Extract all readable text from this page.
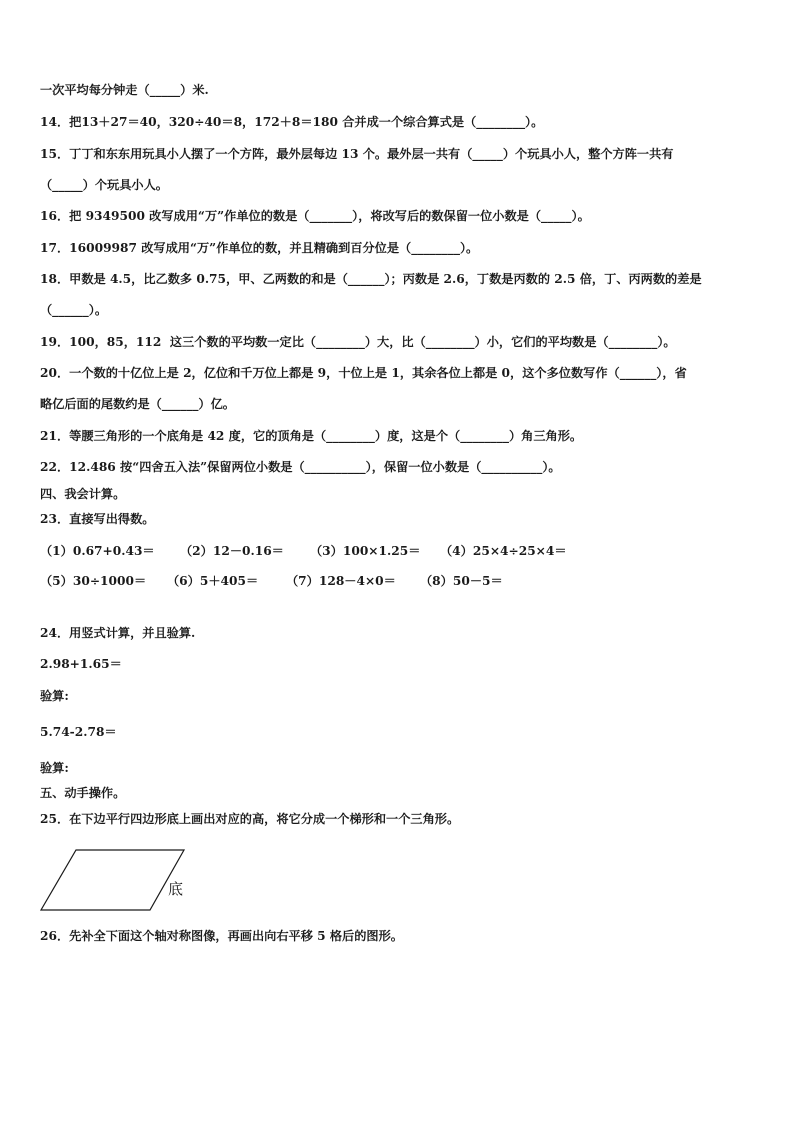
一次平均每分钟走（_____）米.
14．把13＋27＝40，320÷40＝8，172＋8＝180 合并成一个综合算式是（________）。
15．丁丁和东东用玩具小人摆了一个方阵，最外层每边 13 个。最外层一共有（_____）个玩具小人，整个方阵一共有
（_____）个玩具小人。
16．把 9349500 改写成用“万”作单位的数是（_______），将改写后的数保留一位小数是（_____）。
17．16009987 改写成用“万”作单位的数，并且精确到百分位是（________）。
18．甲数是 4.5，比乙数多 0.75，甲、乙两数的和是（______）；丙数是 2.6，丁数是丙数的 2.5 倍，丁、丙两数的差是
（______）。
19．100，85，112  这三个数的平均数一定比（________）大，比（________）小，它们的平均数是（________）。
20．一个数的十亿位上是 2，亿位和千万位上都是 9，十位上是 1，其余各位上都是 0，这个多位数写作（______），省
略亿后面的尾数约是（______）亿。
21．等腰三角形的一个底角是 42 度，它的顶角是（________）度，这是个（________）角三角形。
22．12.486 按“四舍五入法”保留两位小数是（__________），保留一位小数是（__________）。
四、我会计算。
23．直接写出得数。
（1）0.67+0.43＝ （2）12－0.16＝ （3）100×1.25＝ （4）25×4÷25×4＝
（5）30÷1000＝ （6）5＋405＝ （7）128－4×0＝ （8）50－5＝
24．用竖式计算，并且验算.
2.98+1.65＝
验算:
5.74-2.78＝
验算:
五、动手操作。
25．在下边平行四边形底上画出对应的高，将它分成一个梯形和一个三角形。
底
26．先补全下面这个轴对称图像，再画出向右平移 5 格后的图形。
